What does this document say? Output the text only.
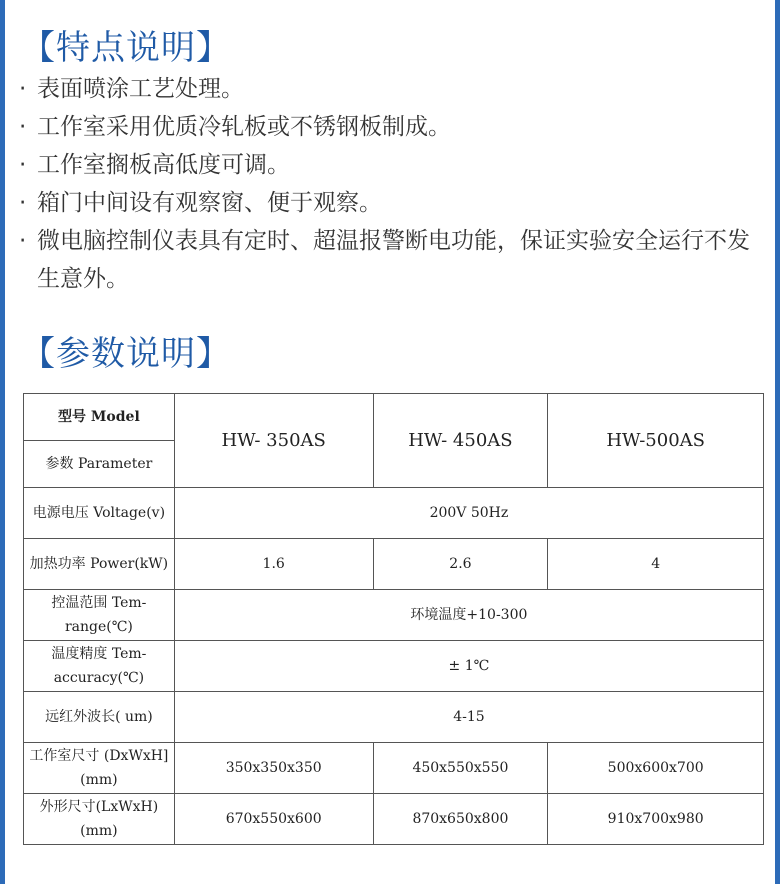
【特点说明】
· 表面喷涂工艺处理。
· 工作室采用优质冷轧板或不锈钢板制成。
· 工作室搁板高低度可调。
· 箱门中间设有观察窗、便于观察。
· 微电脑控制仪表具有定时、超温报警断电功能，保证实验安全运行不发生意外。
【参数说明】
型号 Model	HW- 350AS	HW- 450AS	HW-500AS
参数 Parameter			
电源电压 Voltage(v)	200V 50Hz		
加热功率 Power(kW)	1.6	2.6	4
控温范围 Tem-range(℃)	环境温度+10-300		
温度精度 Tem-accuracy(℃)	± 1℃		
远红外波长( um)	4-15		
工作室尺寸 (DxWxH] (mm)	350x350x350	450x550x550	500x600x700
外形尺寸(LxWxH) (mm)	670x550x600	870x650x800	910x700x980
